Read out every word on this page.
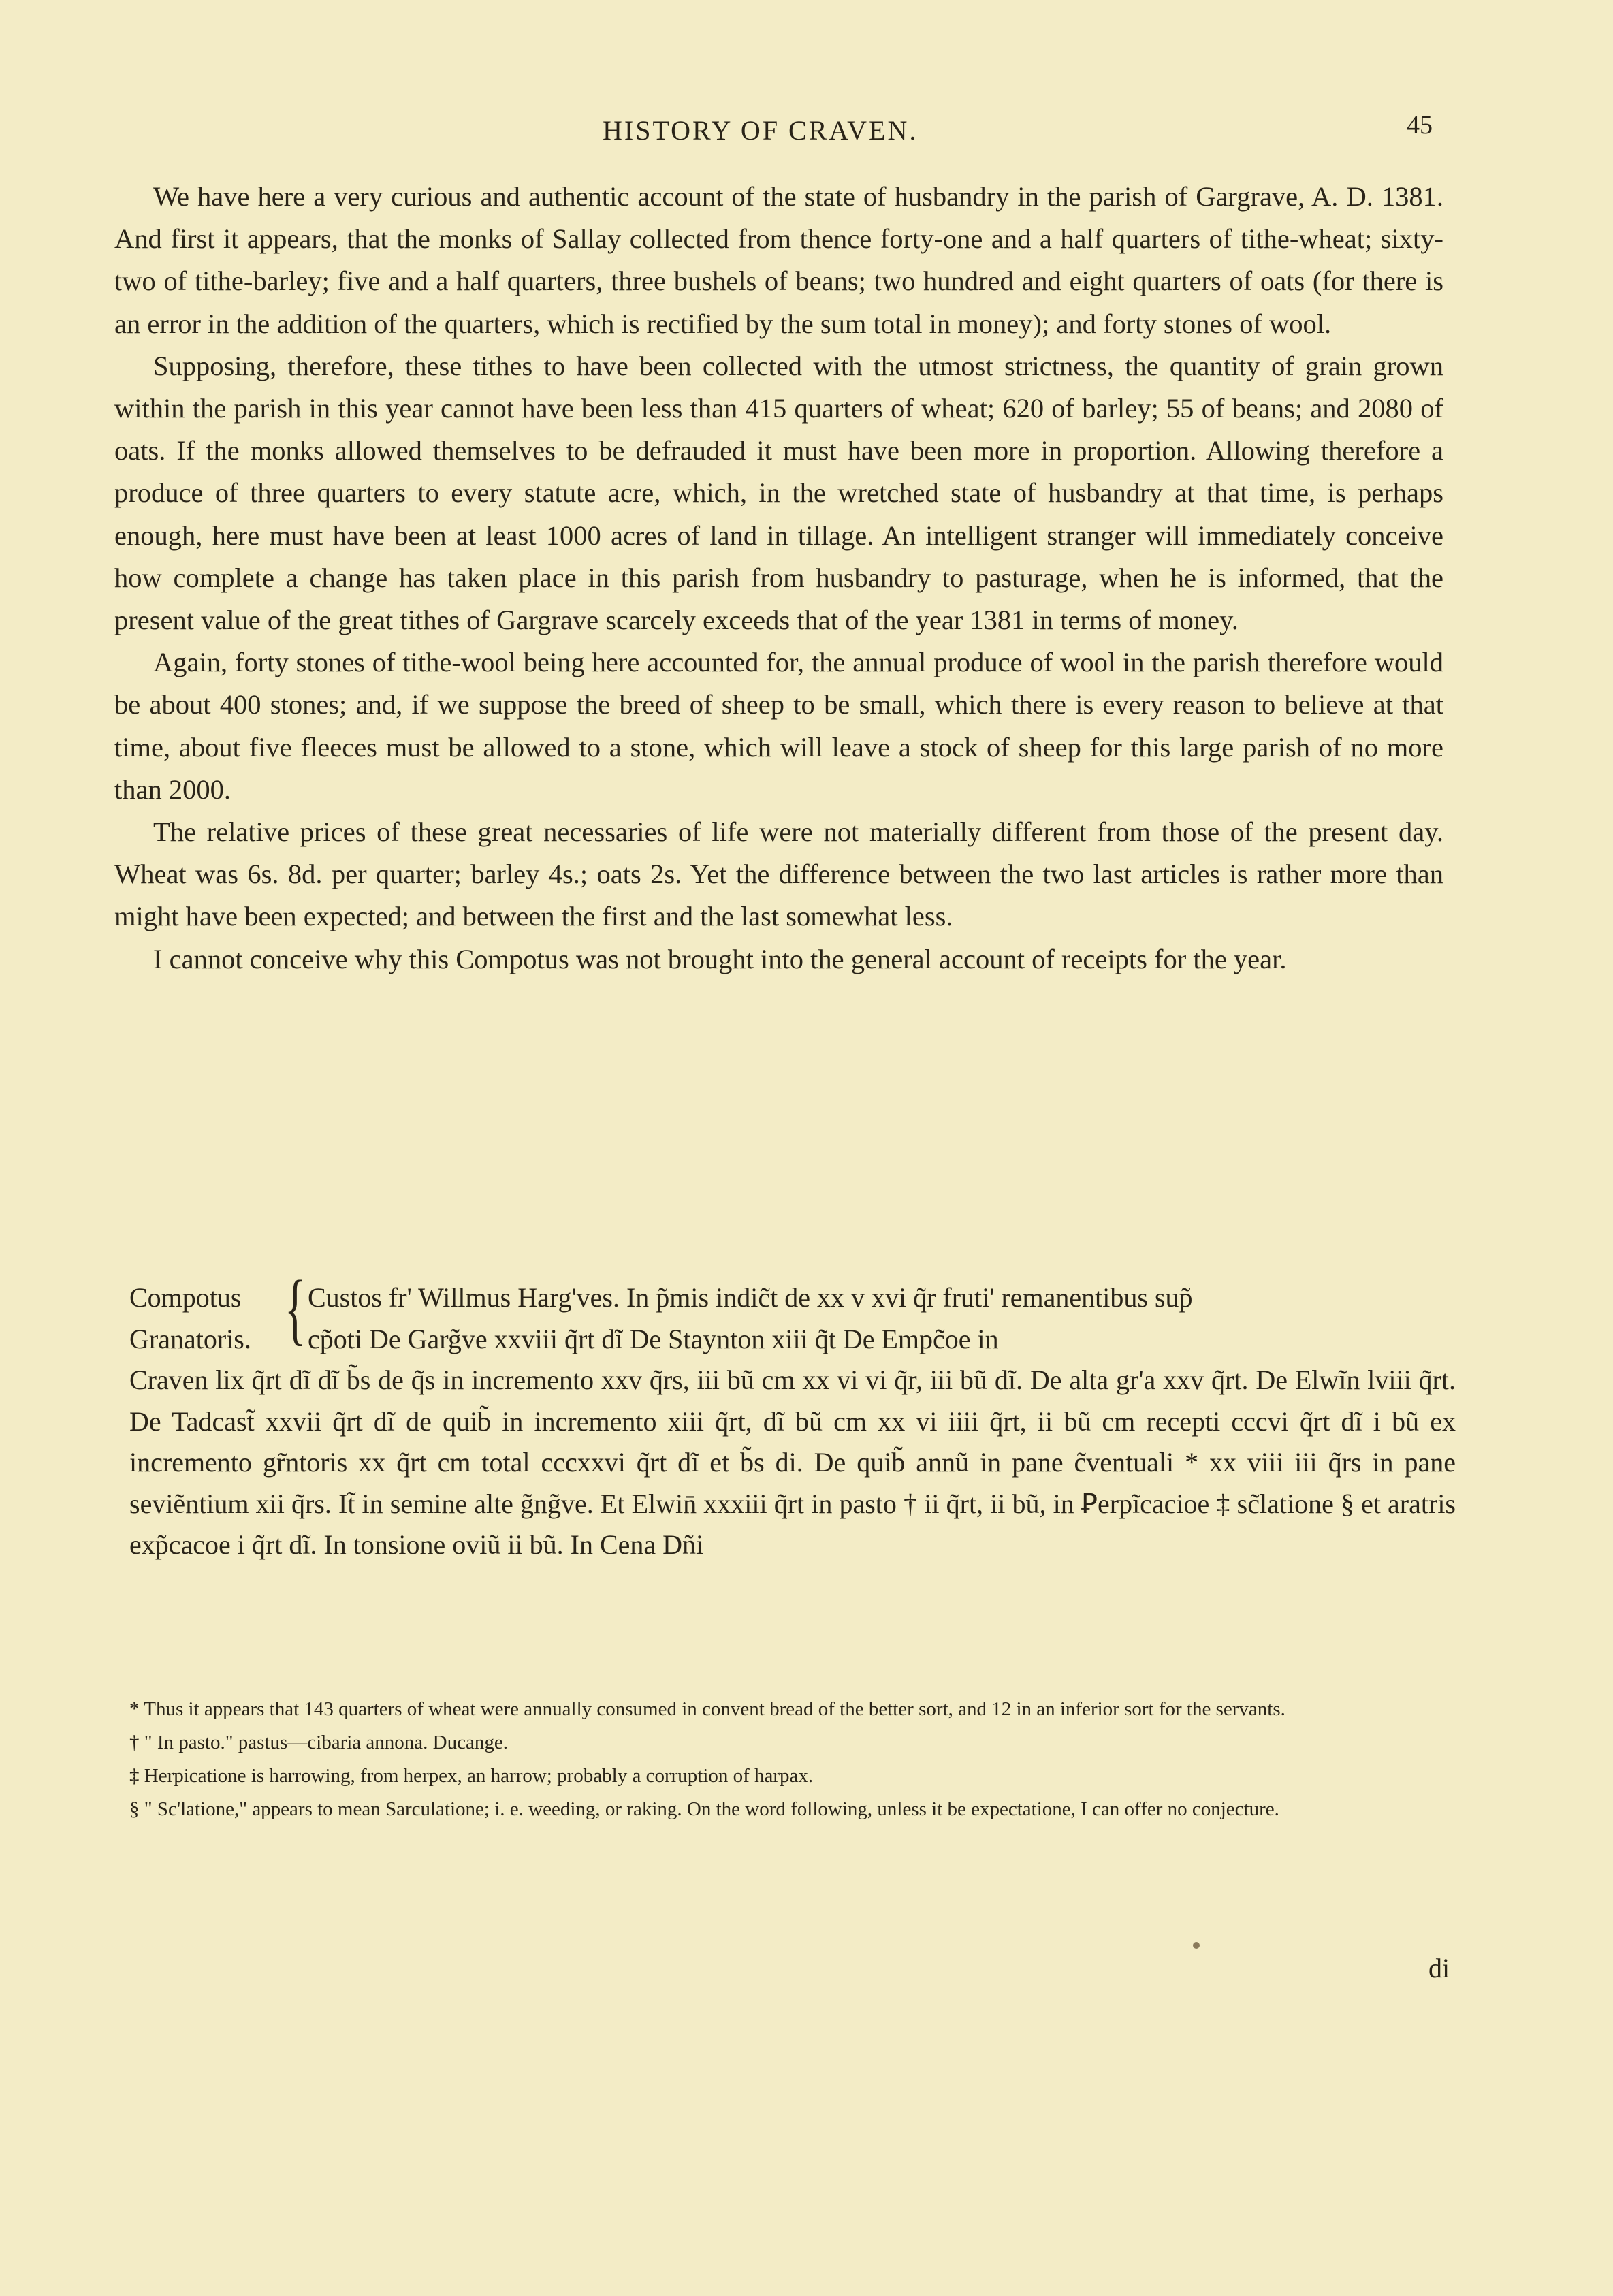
HISTORY OF CRAVEN.	45

We have here a very curious and authentic account of the state of husbandry in the parish of Gargrave, A. D. 1381. And first it appears, that the monks of Sallay collected from thence forty-one and a half quarters of tithe-wheat; sixty-two of tithe-barley; five and a half quarters, three bushels of beans; two hundred and eight quarters of oats (for there is an error in the addition of the quarters, which is rectified by the sum total in money); and forty stones of wool.

Supposing, therefore, these tithes to have been collected with the utmost strictness, the quantity of grain grown within the parish in this year cannot have been less than 415 quarters of wheat; 620 of barley; 55 of beans; and 2080 of oats. If the monks allowed themselves to be defrauded it must have been more in proportion. Allowing therefore a produce of three quarters to every statute acre, which, in the wretched state of husbandry at that time, is perhaps enough, here must have been at least 1000 acres of land in tillage. An intelligent stranger will immediately conceive how complete a change has taken place in this parish from husbandry to pasturage, when he is informed, that the present value of the great tithes of Gargrave scarcely exceeds that of the year 1381 in terms of money.

Again, forty stones of tithe-wool being here accounted for, the annual produce of wool in the parish therefore would be about 400 stones; and, if we suppose the breed of sheep to be small, which there is every reason to believe at that time, about five fleeces must be allowed to a stone, which will leave a stock of sheep for this large parish of no more than 2000.

The relative prices of these great necessaries of life were not materially different from those of the present day. Wheat was 6s. 8d. per quarter; barley 4s.; oats 2s. Yet the difference between the two last articles is rather more than might have been expected; and between the first and the last somewhat less.

I cannot conceive why this Compotus was not brought into the general account of receipts for the year.

Compotus
Granatoris. { Custos fr' Willmus Harg'ves. In p̃mis indic̃t de xx v xvi q̃r fruti' remanentibus sup̃
cp̃oti De Garg̃ve xxviii q̃rt dĩ De Staynton xiii q̃t De Empc̃oe in
Craven lix q̃rt dĩ dĩ b̃s de q̃s in incremento xxv q̃rs, iii bũ cm xx vi vi q̃r, iii bũ dĩ. De alta gr'a xxv q̃rt. De Elwĩn lviii q̃rt. De Tadcast̃ xxvii q̃rt dĩ de quib̃ in incremento xiii q̃rt, dĩ bũ cm xx vi iiii q̃rt, ii bũ cm recepti cccvi q̃rt dĩ i bũ ex incremento gr̃ntoris xx q̃rt cm total cccxxvi q̃rt dĩ et b̃s di. De quib̃ annũ in pane c̃ventuali * xx viii iii q̃rs in pane seviẽntium xii q̃rs. It̃ in semine alte g̃ng̃ve. Et Elwin̄ xxxiii q̃rt in pasto † ii q̃rt, ii bũ, in Ꝑerpĩcacioe ‡ sc̃latione § et aratris exp̃cacoe i q̃rt dĩ. In tonsione oviũ ii bũ. In Cena Dñi

* Thus it appears that 143 quarters of wheat were annually consumed in convent bread of the better sort, and 12 in an inferior sort for the servants.

† " In pasto." pastus—cibaria annona. Ducange.

‡ Herpicatione is harrowing, from herpex, an harrow; probably a corruption of harpax.

§ " Sc'latione," appears to mean Sarculatione; i. e. weeding, or raking. On the word following, unless it be expectatione, I can offer no conjecture.

di
